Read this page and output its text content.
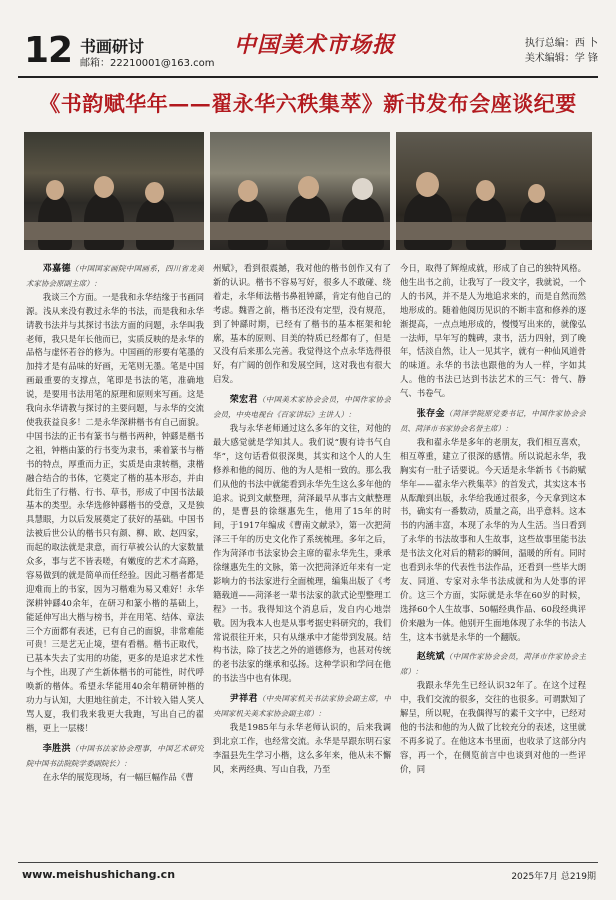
12 书画研讨
邮箱：22210001@163.com
中国美术市场报	执行总编：西 卜
美术编辑：学 锋
《书韵赋华年——翟永华六秩集萃》新书发布会座谈纪要

邓嘉德（中国国家画院中国画系，四川省龙美术家协会原副主席）：

我谈三个方面。一是我和永华结缘于书画同源。浅从来没有教过永华的书法，而是我和永华请教书法并与其探讨书法方面的问题，永华叫我老师，我只是年长他而已，实质反映的是永华的品格与虚怀若谷的修为。中国画的形要有笔墨的加持才是有品味的好画，无笔则无墨。笔是中国画最重要的支撑点，笔即是书法的笔，准确地说，是要用书法用笔的原理和原则来写画。这是我向永华请教与探讨的主要问题，与永华的交流使我获益良多！二是永华深耕楷书有自己面貌。中国书法的正书有篆书与楷书两种，钟繇是楷书之祖，钟楷由篆的行书变为隶书，乘着篆书与楷书的特点，厚重而力正，实质是由隶转楷，隶楷融合结合的书体，它奠定了楷的基本形态，并由此衍生了行楷、行书、草书，形成了中国书法最基本的类型。永华选修钟繇楷书的受意，又是独具慧眼，力以后发展奠定了获好的基础。中国书法被后世公认的楷书只有颜、柳、欧、赵四家，而起的取法就是隶意，而行草被公认的大家数量众多，事与艺不皆表嗟，有嫩度的艺术才高路，容易做到的就是简单而任经验。因此习楷者都是迎难而上的书家，因为习楷难为易又难好！永华深耕钟繇40余年，在研习和篆小楷的基础上，能延伸写出大楷与榜书，并在用笔、结体、章法三个方面都有表述，已有自己的面貌，非常难能可贵！三是艺无止境，望有看楷。楷书正取代，已基本失去了实用的功能，更多的是追求艺术性与个性，出现了产生新体楷书的可能性，时代呼唤新的楷体。希望永华能用40余年精研钟楷的功力与认知，大胆地往前走，不计较入错人笑人骂人夏，我们我来我更大我跑，写出自己的翟楷，更上一层楼！

李胜洪（中国书法家协会理事，中国艺术研究院中国书法院院学委副院长）：

在永华的展览现场，有一幅巨幅作品《曹

州赋》，看到很震撼，我对他的楷书创作又有了新的认识。楷书不容易写好，很多人不敢碰、绕着走，永华师法楷书鼻祖钟繇，肯定有他自己的考虑。魏晋之前，楷书还没有定型，没有规范，到了钟繇时期，已经有了楷书的基本框架和轮廓，基本的原则、目美的特质已经都有了，但是又没有后来那么完善。我觉得这个点永华选得很好，有广阔的创作和发展空间，这对我也有很大启发。

荣宏君（中国美术家协会会员，中国作家协会会员，中央电视台《百家讲坛》主讲人）：

我与永华老师通过这么多年的文往，对他的最大感觉就是学知其人。我们说“腹有诗书气自华”，这句话看似很深奥，其实和这个人的人生修养和他的阅历、他的为人是相一致的。那么我们从他的书法中就能看到永华先生这么多年他的追求。说到文献整理，菏泽最早从事古文献整理的，是曹县的徐继惠先生，他用了15年的时间，于1917年编成《曹南文献录》，第一次把菏泽三千年的历史文化作了系统梳理。多年之后，作为菏泽市书法家协会主席的翟永华先生，秉承徐继惠先生的文脉，第一次把菏泽近年来有一定影响力的书法家进行全面梳理，编集出版了《考籍载道——菏泽老一辈书法家的款式论型整理工程》一书。我得知这个消息后，发自内心地崇敬。因为我本人也是从事考据史料研究的，我们常说很往开来，只有从继承中才能带到发展。结构书法，除了技艺之外的道德修为，也甚对传统的老书法家的继承和弘扬。这种学识和学问在他的书法当中也有体现。

尹祥君（中央国家机关书法家协会副主席，中央国家机关美术家协会副主席）：

我是1985年与永华老师认识的，后来我调到北京工作，也经常交流。永华是早跟东明石家李温县先生学习小楷，这么多年来，他从未不懈风，来两经典、写山自我，乃至

今日，取得了辉煌成就，形成了自己的独特风格。他生出书之前，让我写了一段文字，我就说，一个人的书风，并不是人为地追求来的，而是自然而然地形成的。随着他阅历见识的不断丰富和修养的逐渐提高，一点点地形成的，慢慢写出来的，就像弘一法师，早年写的魏碑，隶书，活力四射，到了晚年，恬淡自然，让人一见其字，就有一种仙风道骨的味道。永华的书法也跟他的为人一样，字如其人。他的书法已达到书法艺术的三气：骨气、静气、书卷气。

张存金（菏泽学院原党委书记，中国作家协会会员、菏泽市书家协会名誉主席）：

我和翟永华是多年的老朋友，我们相互喜欢，相互尊重，建立了很深的感情。所以说起永华，我胸实有一肚子话要说。今天适是永华新书《书韵赋华年——翟永华六秩集萃》的首发式，其实这本书从酝酿到出版，永华给我通过很多，今天拿到这本书，确实有一番数动，质量之高，出乎意料。这本书的内涵丰富，本现了永华的为人生活。当日看到了永华的书法故事和人生故事，这些故事里能书法是书法文化对后的精彩的瞬间，温暖的所有。同时也看到永华的代表性书法作品，还看到一些毕大朗友、同道、专家对永华书法成就和为人处事的评价。这三个方面，实际就是永华在60岁的时候，选择60个人生故事、50幅经典作品、60段经典评价来融为一体。他别开生面地体现了永华的书法人生，这本书就是永华的一个翻版。

赵统斌（中国作家协会会员，菏泽市作家协会主席）：

我跟永华先生已经认识32年了。在这个过程中，我们交流的很多，交往的也很多。可谓默知了解呈，所以呢，在我偶得写的素千文字中，已经对他的书法和他的为人做了比较充分的表述，这里就不再多说了。在他这本书里面，也收录了这部分内容，再一个，在侧览前言中也谈到对他的一些评价，同

www.meishushichang.cn	2025年7月 总219期
